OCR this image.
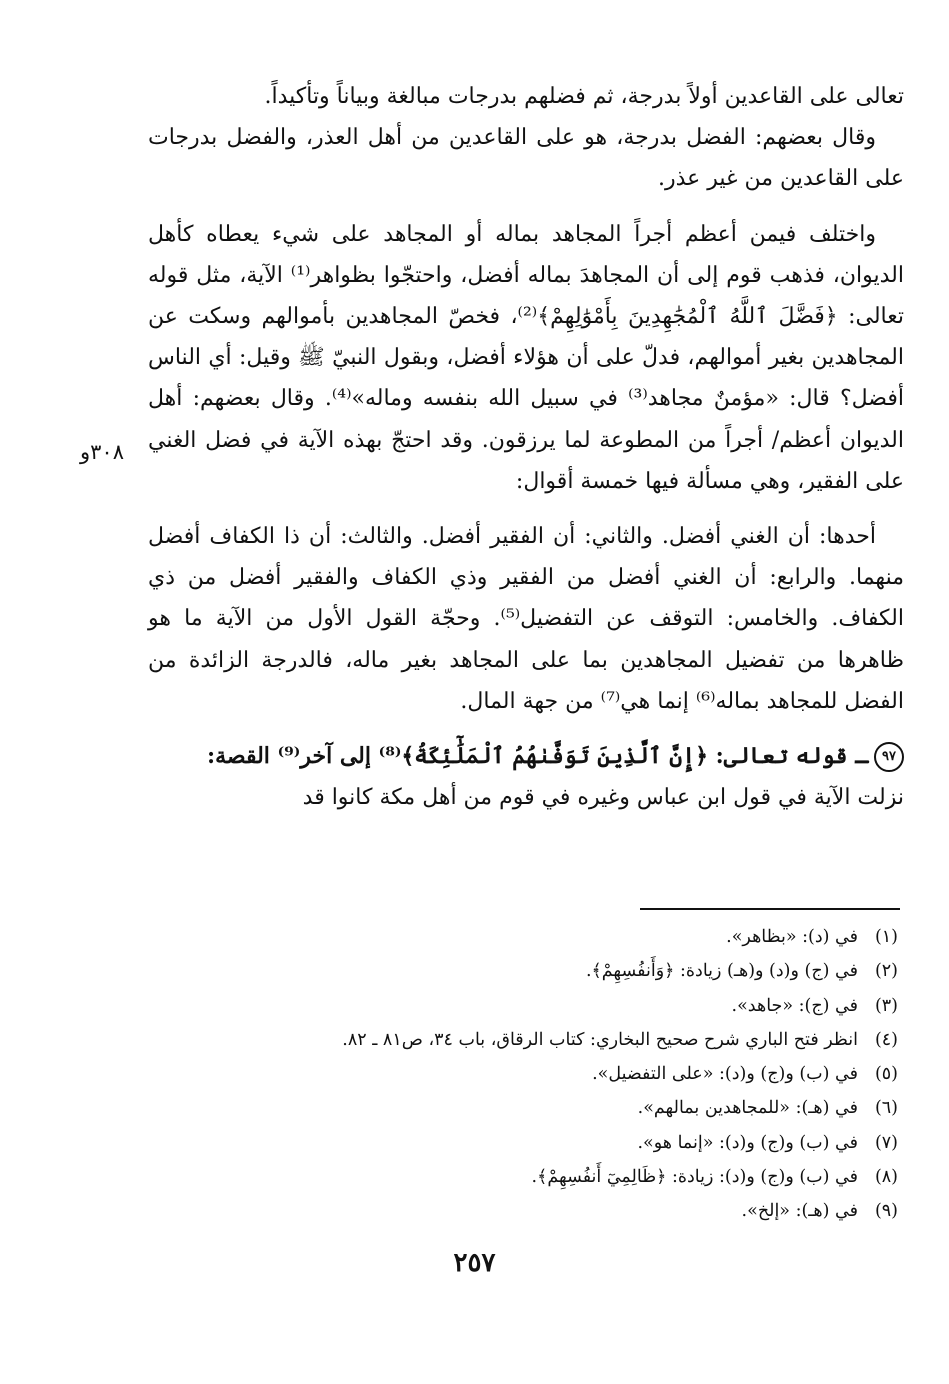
تعالى على القاعدين أولاً بدرجة، ثم فضلهم بدرجات مبالغة وبياناً وتأكيداً.

وقال بعضهم: الفضل بدرجة، هو على القاعدين من أهل العذر، والفضل بدرجات على القاعدين من غير عذر.

واختلف فيمن أعظم أجراً المجاهد بماله أو المجاهد على شيء يعطاه كأهل الديوان، فذهب قوم إلى أن المجاهدَ بماله أفضل، واحتجّوا بظواهر⁽¹⁾ الآية، مثل قوله تعالى: ﴿فَضَّلَ ٱللَّهُ ٱلْمُجَٰهِدِينَ بِأَمْوَٰلِهِمْ﴾⁽²⁾، فخصّ المجاهدين بأموالهم وسكت عن المجاهدين بغير أموالهم، فدلّ على أن هؤلاء أفضل، وبقول النبيّ ﷺ وقيل: أي الناس أفضل؟ قال: «مؤمنٌ مجاهد⁽³⁾ في سبيل الله بنفسه وماله»⁽⁴⁾. وقال بعضهم: أهل الديوان أعظم/ أجراً من المطوعة لما يرزقون. وقد احتجّ بهذه الآية في فضل الغني على الفقير، وهي مسألة فيها خمسة أقوال:

أحدها: أن الغني أفضل. والثاني: أن الفقير أفضل. والثالث: أن ذا الكفاف أفضل منهما. والرابع: أن الغني أفضل من الفقير وذي الكفاف والفقير أفضل من ذي الكفاف. والخامس: التوقف عن التفضيل⁽⁵⁾. وحجّة القول الأول من الآية ما هو ظاهرها من تفضيل المجاهدين بما على المجاهد بغير ماله، فالدرجة الزائدة من الفضل للمجاهد بماله⁽⁶⁾ إنما هي⁽⁷⁾ من جهة المال.

٩٧ـ قوله تعالى: ﴿إِنَّ ٱلَّذِينَ تَوَفَّىٰهُمُ ٱلْمَلَٰٓئِكَةُ﴾⁽⁸⁾ إلى آخر⁽⁹⁾ القصة:

نزلت الآية في قول ابن عباس وغيره في قوم من أهل مكة كانوا قد

٣٠٨و
(١)في (د): «بظاهر».
(٢)في (ج) و(د) و(هـ) زيادة: ﴿وَأَنفُسِهِمْ﴾.
(٣)في (ج): «جاهد».
(٤)انظر فتح الباري شرح صحيح البخاري: كتاب الرقاق، باب ٣٤، ص٨١ ـ ٨٢.
(٥)في (ب) و(ج) و(د): «على التفضيل».
(٦)في (هـ): «للمجاهدين بمالهم».
(٧)في (ب) و(ج) و(د): «إنما هو».
(٨)في (ب) و(ج) و(د): زيادة: ﴿ظَالِمِيٓ أَنفُسِهِمْ﴾.
(٩)في (هـ): «إلخ».
٢٥٧
